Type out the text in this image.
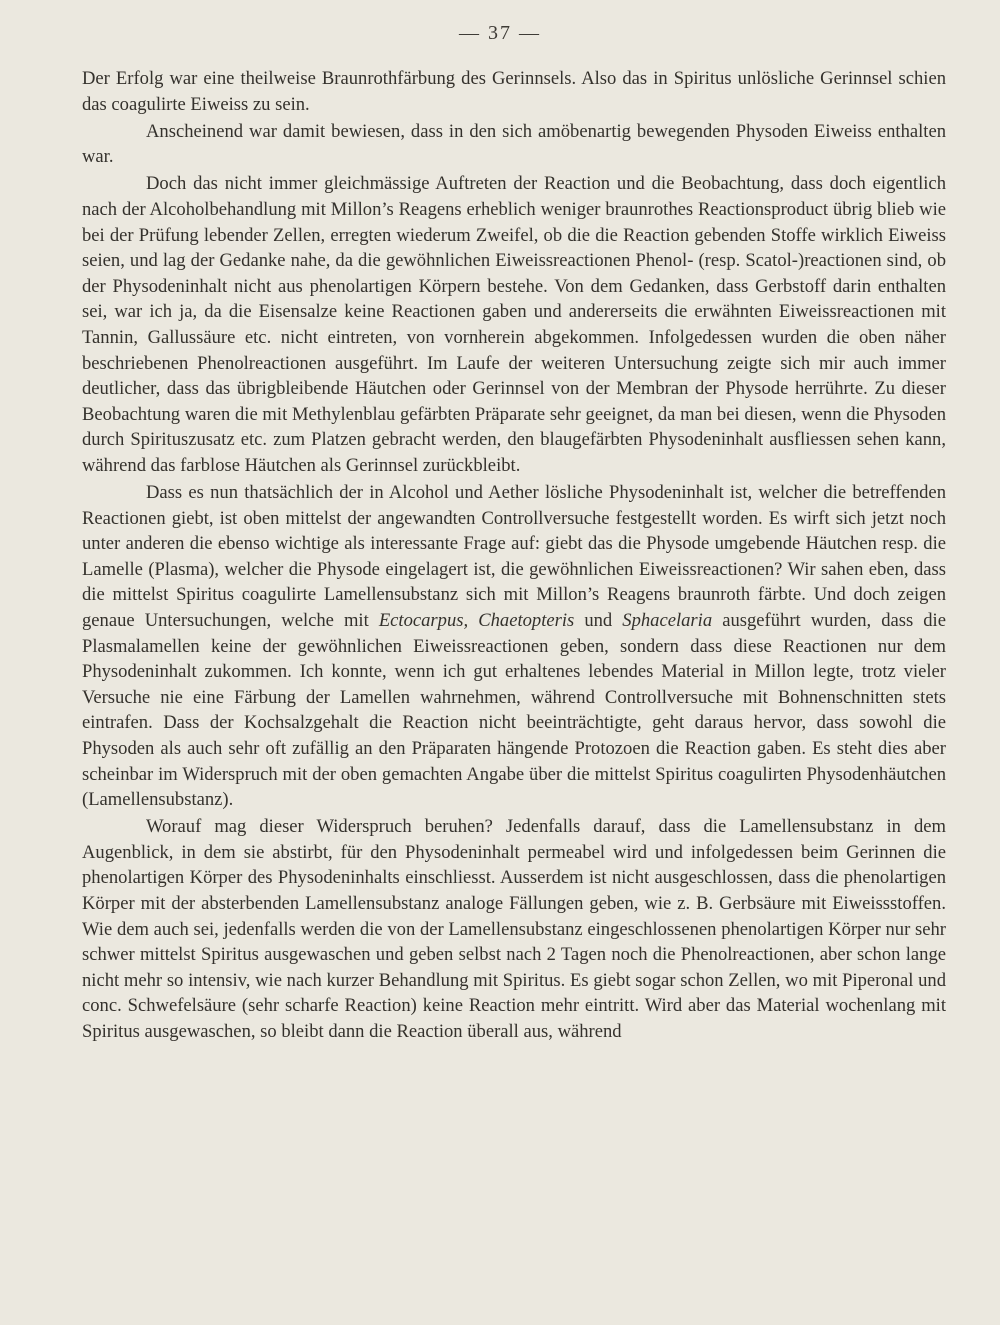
— 37 —

Der Erfolg war eine theilweise Braunrothfärbung des Gerinnsels. Also das in Spiritus unlösliche Gerinnsel schien das coagulirte Eiweiss zu sein.

Anscheinend war damit bewiesen, dass in den sich amöbenartig bewegenden Physoden Eiweiss enthalten war.

Doch das nicht immer gleichmässige Auftreten der Reaction und die Beobachtung, dass doch eigentlich nach der Alcoholbehandlung mit Millon’s Reagens erheblich weniger braunrothes Reactionsproduct übrig blieb wie bei der Prüfung lebender Zellen, erregten wiederum Zweifel, ob die die Reaction gebenden Stoffe wirklich Eiweiss seien, und lag der Gedanke nahe, da die gewöhnlichen Eiweissreactionen Phenol- (resp. Scatol-)reactionen sind, ob der Physodeninhalt nicht aus phenolartigen Körpern bestehe. Von dem Gedanken, dass Gerbstoff darin enthalten sei, war ich ja, da die Eisensalze keine Reactionen gaben und andererseits die erwähnten Eiweissreactionen mit Tannin, Gallussäure etc. nicht eintreten, von vornherein abgekommen. Infolgedessen wurden die oben näher beschriebenen Phenolreactionen ausgeführt. Im Laufe der weiteren Untersuchung zeigte sich mir auch immer deutlicher, dass das übrigbleibende Häutchen oder Gerinnsel von der Membran der Physode herrührte. Zu dieser Beobachtung waren die mit Methylenblau gefärbten Präparate sehr geeignet, da man bei diesen, wenn die Physoden durch Spirituszusatz etc. zum Platzen gebracht werden, den blaugefärbten Physodeninhalt ausfliessen sehen kann, während das farblose Häutchen als Gerinnsel zurückbleibt.

Dass es nun thatsächlich der in Alcohol und Aether lösliche Physodeninhalt ist, welcher die betreffenden Reactionen giebt, ist oben mittelst der angewandten Controllversuche festgestellt worden. Es wirft sich jetzt noch unter anderen die ebenso wichtige als interessante Frage auf: giebt das die Physode umgebende Häutchen resp. die Lamelle (Plasma), welcher die Physode eingelagert ist, die gewöhnlichen Eiweissreactionen? Wir sahen eben, dass die mittelst Spiritus coagulirte Lamellensubstanz sich mit Millon’s Reagens braunroth färbte. Und doch zeigen genaue Untersuchungen, welche mit Ectocarpus, Chaetopteris und Sphacelaria ausgeführt wurden, dass die Plasmalamellen keine der gewöhnlichen Eiweissreactionen geben, sondern dass diese Reactionen nur dem Physodeninhalt zukommen. Ich konnte, wenn ich gut erhaltenes lebendes Material in Millon legte, trotz vieler Versuche nie eine Färbung der Lamellen wahrnehmen, während Controllversuche mit Bohnenschnitten stets eintrafen. Dass der Kochsalzgehalt die Reaction nicht beeinträchtigte, geht daraus hervor, dass sowohl die Physoden als auch sehr oft zufällig an den Präparaten hängende Protozoen die Reaction gaben. Es steht dies aber scheinbar im Widerspruch mit der oben gemachten Angabe über die mittelst Spiritus coagulirten Physodenhäutchen (Lamellensubstanz).

Worauf mag dieser Widerspruch beruhen? Jedenfalls darauf, dass die Lamellensubstanz in dem Augenblick, in dem sie abstirbt, für den Physodeninhalt permeabel wird und infolgedessen beim Gerinnen die phenolartigen Körper des Physodeninhalts einschliesst. Ausserdem ist nicht ausgeschlossen, dass die phenolartigen Körper mit der absterbenden Lamellensubstanz analoge Fällungen geben, wie z. B. Gerbsäure mit Eiweissstoffen. Wie dem auch sei, jedenfalls werden die von der Lamellensubstanz eingeschlossenen phenolartigen Körper nur sehr schwer mittelst Spiritus ausgewaschen und geben selbst nach 2 Tagen noch die Phenolreactionen, aber schon lange nicht mehr so intensiv, wie nach kurzer Behandlung mit Spiritus. Es giebt sogar schon Zellen, wo mit Piperonal und conc. Schwefelsäure (sehr scharfe Reaction) keine Reaction mehr eintritt. Wird aber das Material wochenlang mit Spiritus ausgewaschen, so bleibt dann die Reaction überall aus, während
